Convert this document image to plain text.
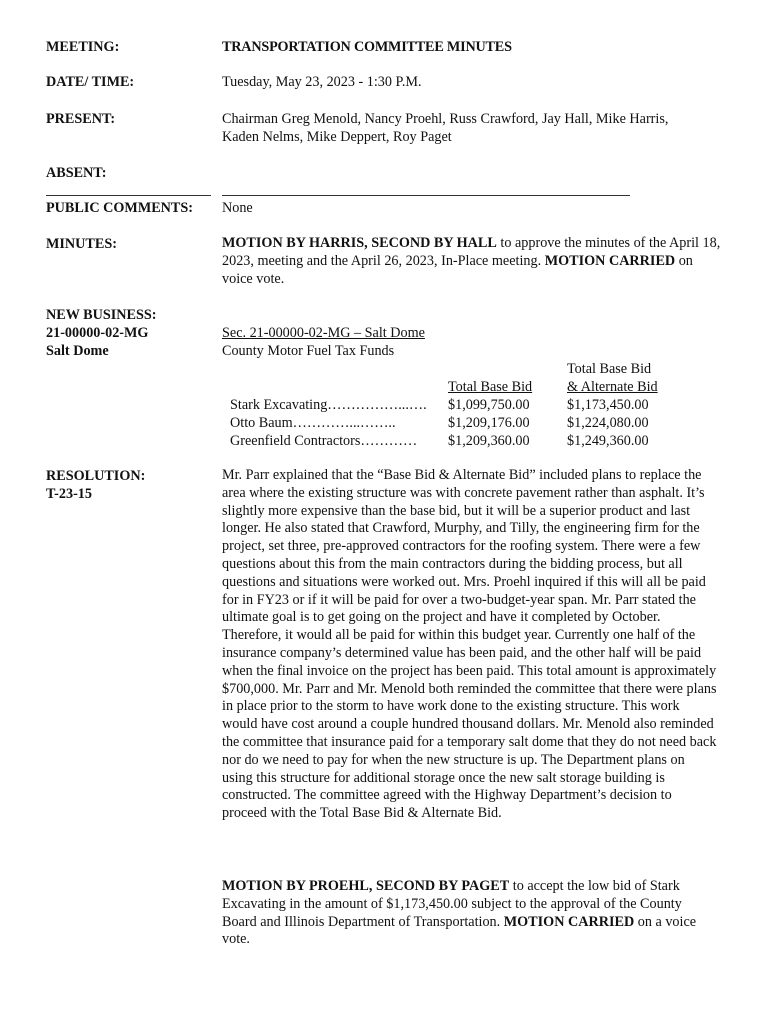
MEETING:	TRANSPORTATION COMMITTEE MINUTES
DATE/ TIME:	Tuesday, May 23, 2023 - 1:30 P.M.
PRESENT:	Chairman Greg Menold, Nancy Proehl, Russ Crawford, Jay Hall, Mike Harris,
Kaden Nelms, Mike Deppert, Roy Paget
ABSENT:
PUBLIC COMMENTS: None
MINUTES:	MOTION BY HARRIS, SECOND BY HALL to approve the minutes of the April 18, 2023, meeting and the April 26, 2023, In-Place meeting. MOTION CARRIED on voice vote.
NEW BUSINESS:
21-00000-02-MG
Salt Dome
Sec. 21-00000-02-MG – Salt Dome
County Motor Fuel Tax Funds
Total Base Bid
Total Base Bid
& Alternate Bid
Stark Excavating……………...…. $1,099,750.00	$1,173,450.00
Otto Baum…………...……..	$1,209,176.00	$1,224,080.00
Greenfield Contractors………… $1,209,360.00	$1,249,360.00
RESOLUTION:
T-23-15
Mr. Parr explained that the “Base Bid & Alternate Bid” included plans to replace the area where the existing structure was with concrete pavement rather than asphalt. It’s slightly more expensive than the base bid, but it will be a superior product and last longer. He also stated that Crawford, Murphy, and Tilly, the engineering firm for the project, set three, pre-approved contractors for the roofing system. There were a few questions about this from the main contractors during the bidding process, but all questions and situations were worked out. Mrs. Proehl inquired if this will all be paid for in FY23 or if it will be paid for over a two-budget-year span. Mr. Parr stated the ultimate goal is to get going on the project and have it completed by October. Therefore, it would all be paid for within this budget year. Currently one half of the insurance company’s determined value has been paid, and the other half will be paid when the final invoice on the project has been paid. This total amount is approximately $700,000. Mr. Parr and Mr. Menold both reminded the committee that there were plans in place prior to the storm to have work done to the existing structure. This work would have cost around a couple hundred thousand dollars. Mr. Menold also reminded the committee that insurance paid for a temporary salt dome that they do not need back nor do we need to pay for when the new structure is up. The Department plans on using this structure for additional storage once the new salt storage building is constructed. The committee agreed with the Highway Department’s decision to proceed with the Total Base Bid & Alternate Bid.
MOTION BY PROEHL, SECOND BY PAGET to accept the low bid of Stark Excavating in the amount of $1,173,450.00 subject to the approval of the County Board and Illinois Department of Transportation. MOTION CARRIED on a voice vote.
